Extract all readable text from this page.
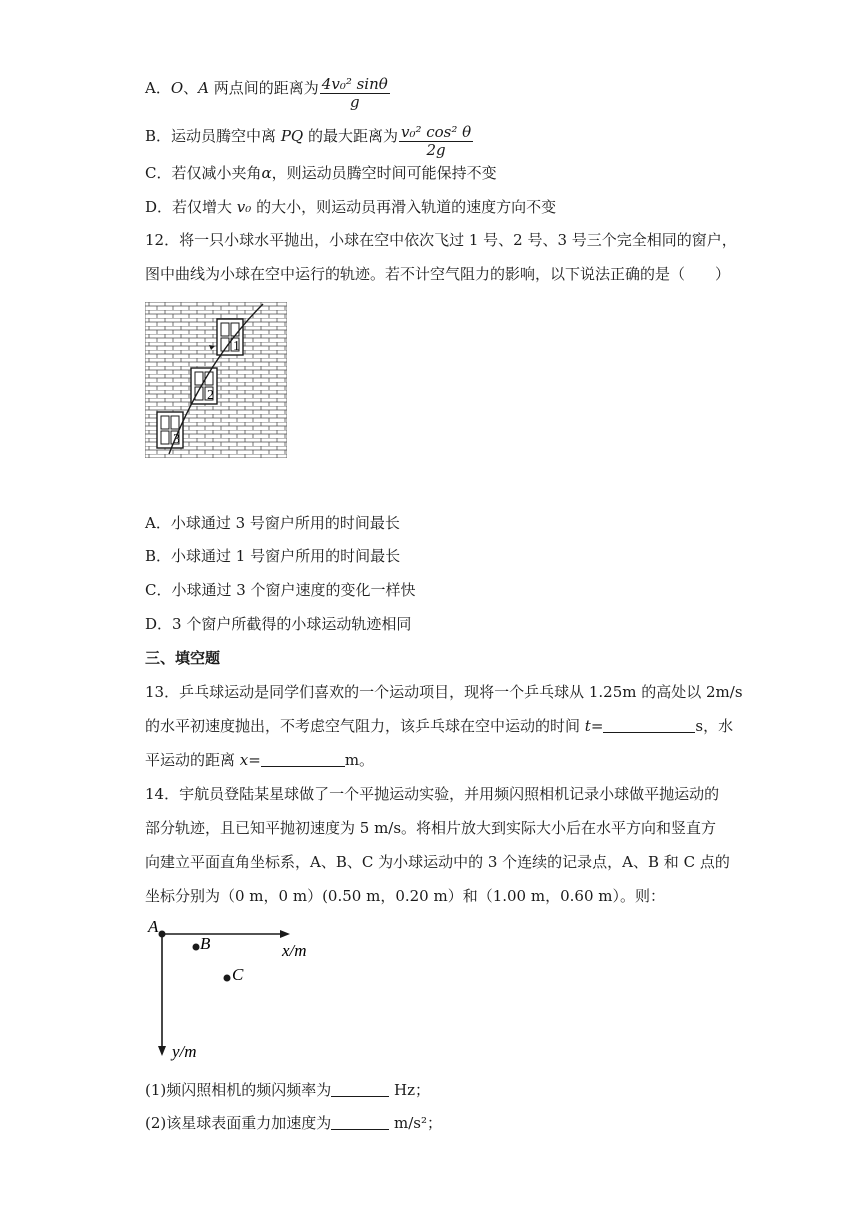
A．O、A 两点间的距离为 $\frac{\text{4v₀² sinθ}}{g}$
B．运动员腾空中离 PQ 的最大距离为 $\frac{\text{v₀² cos² θ}}{2g}$
C．若仅减小夹角α，则运动员腾空时间可能保持不变
D．若仅增大 v₀ 的大小，则运动员再滑入轨道的速度方向不变
12．将一只小球水平抛出，小球在空中依次飞过 1 号、2 号、3 号三个完全相同的窗户，
图中曲线为小球在空中运行的轨迹。若不计空气阻力的影响，以下说法正确的是（　　）
1
2
3
A．小球通过 3 号窗户所用的时间最长
B．小球通过 1 号窗户所用的时间最长
C．小球通过 3 个窗户速度的变化一样快
D．3 个窗户所截得的小球运动轨迹相同
三、填空题
13．乒乓球运动是同学们喜欢的一个运动项目，现将一个乒乓球从 1.25m 的高处以 2m/s
的水平初速度抛出，不考虑空气阻力，该乒乓球在空中运动的时间 t=	s，水
平运动的距离 x=	m。
14．宇航员登陆某星球做了一个平抛运动实验，并用频闪照相机记录小球做平抛运动的
部分轨迹，且已知平抛初速度为 5 m/s。将相片放大到实际大小后在水平方向和竖直方
向建立平面直角坐标系，A、B、C 为小球运动中的 3 个连续的记录点，A、B 和 C 点的
坐标分别为（0 m，0 m）(0.50 m，0.20 m）和（1.00 m，0.60 m）。则：
A
B
C
x/m
y/m
(1)频闪照相机的频闪频率为	Hz；
(2)该星球表面重力加速度为	m/s²；
